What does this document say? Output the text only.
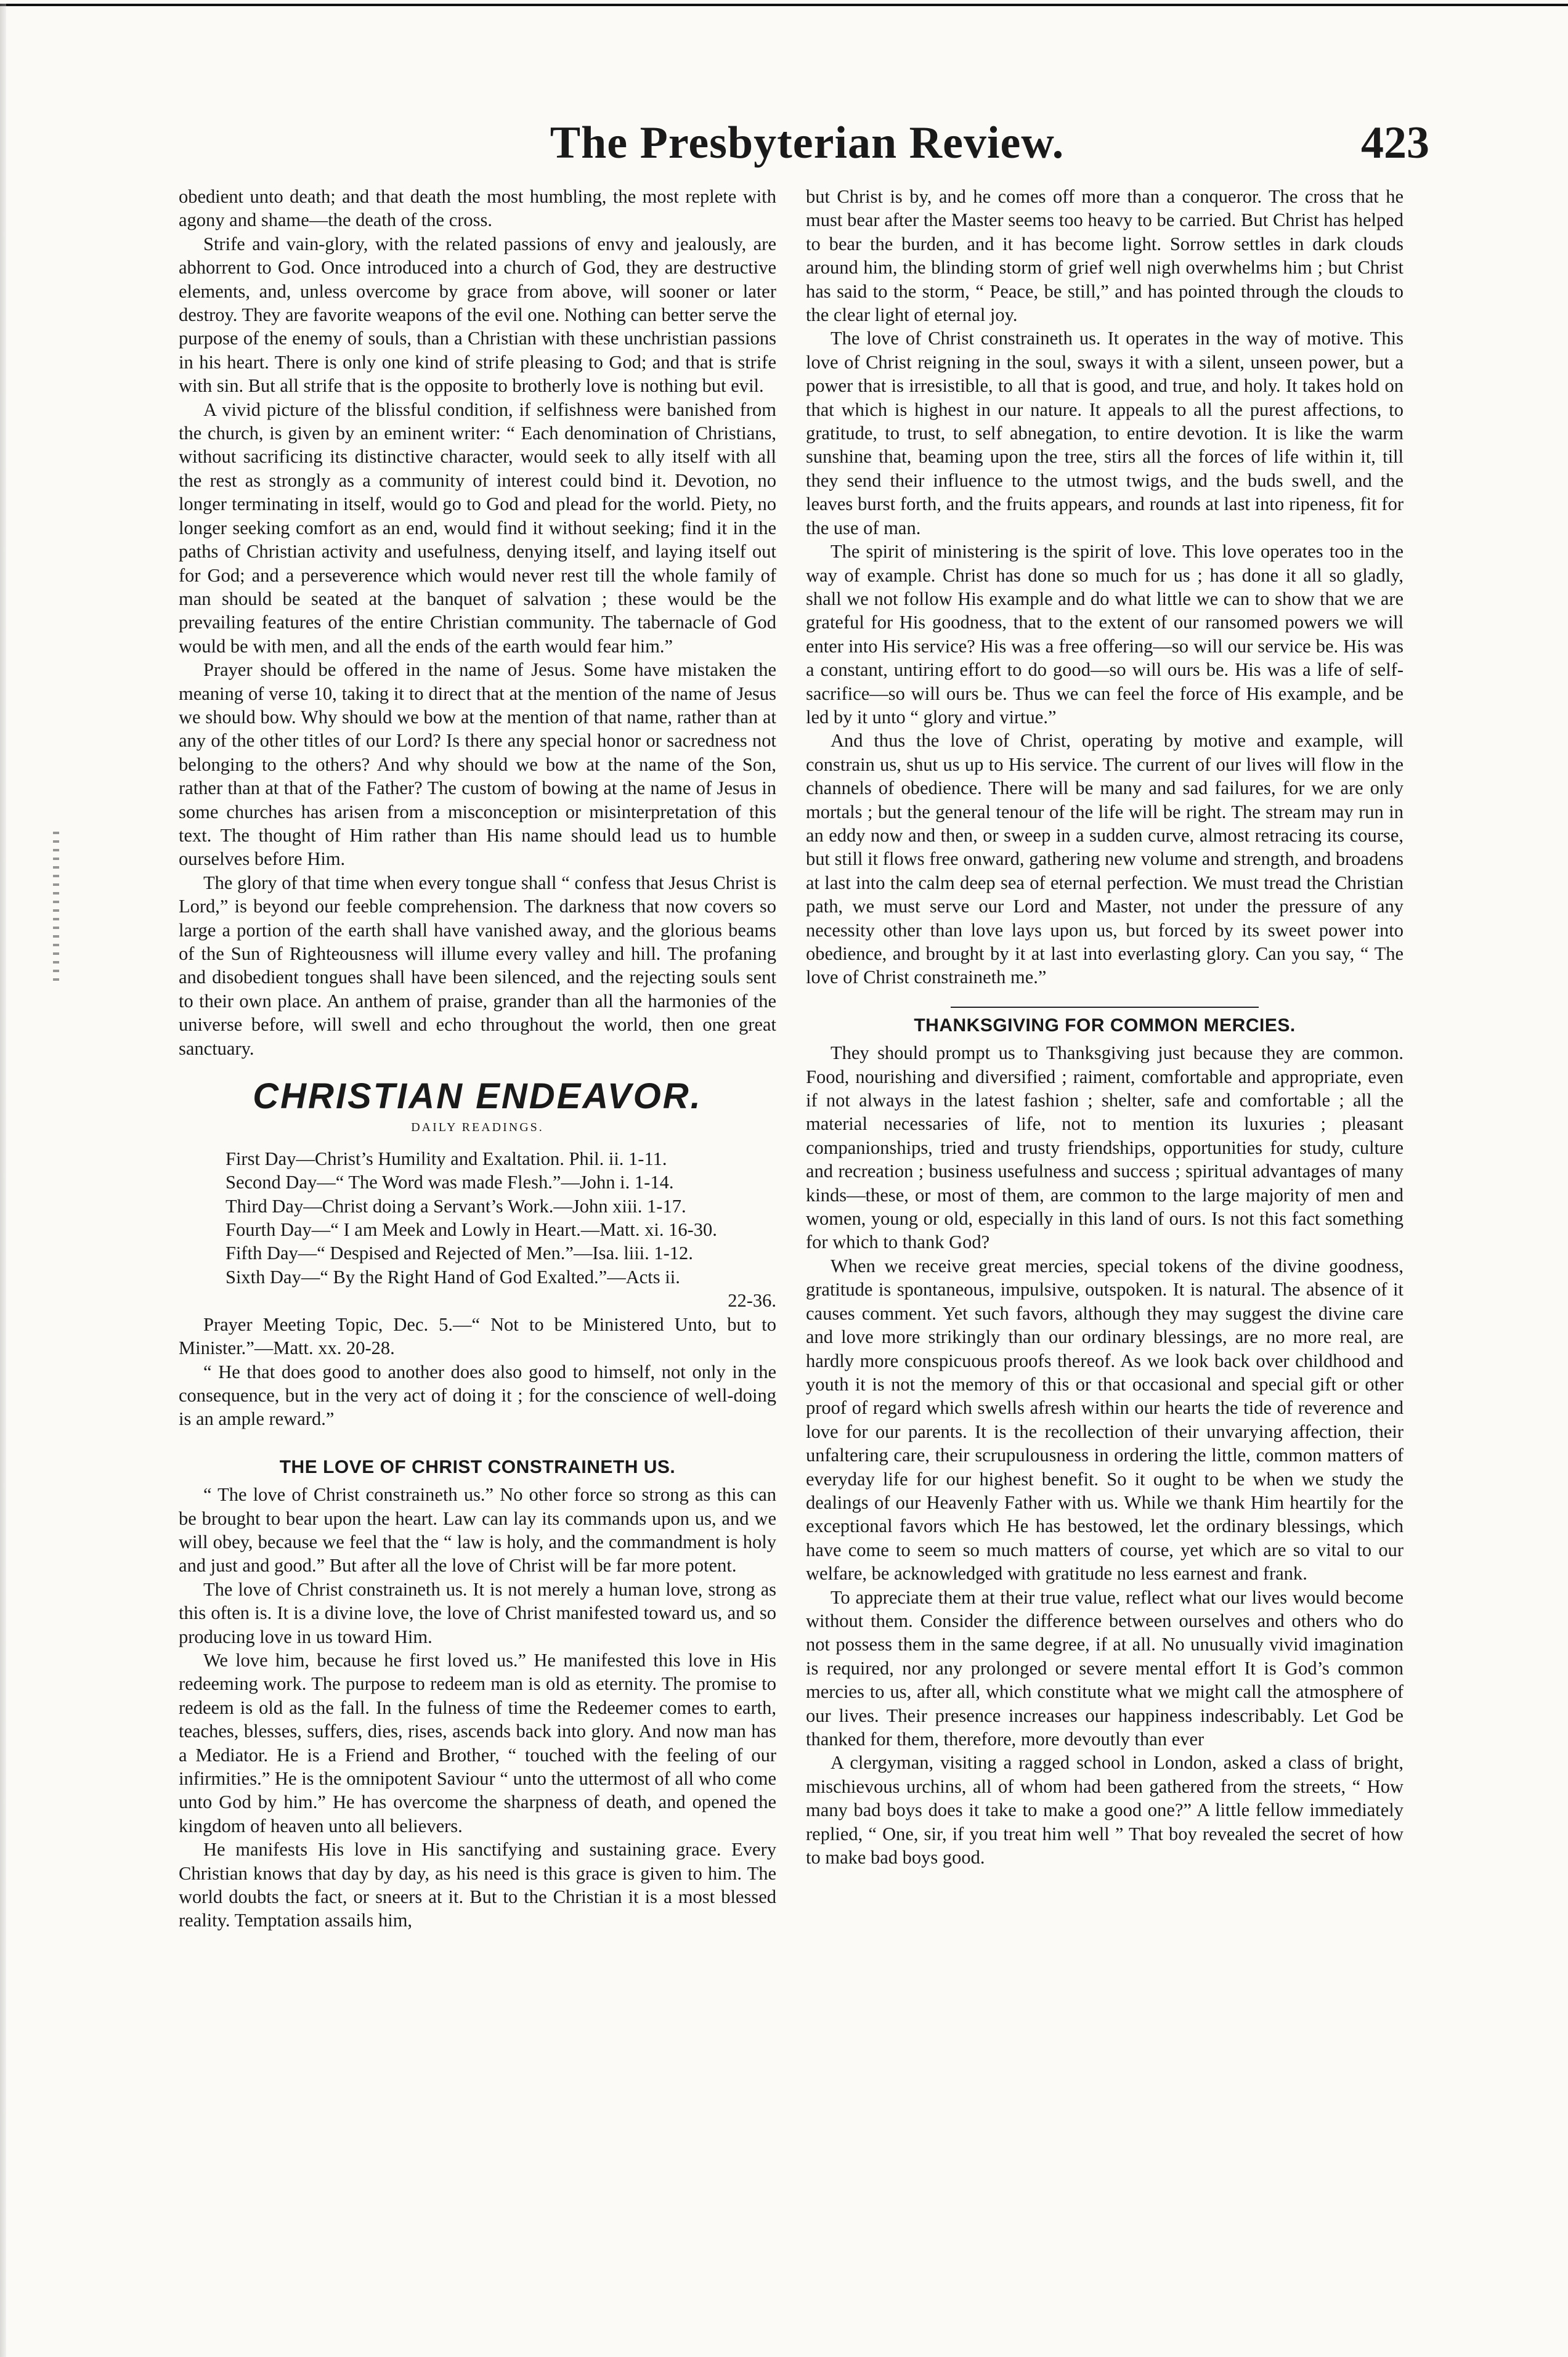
The Presbyterian Review.	423

obedient unto death; and that death the most humbling, the most replete with agony and shame—the death of the cross.

Strife and vain-glory, with the related passions of envy and jealously, are abhorrent to God. Once introduced into a church of God, they are destructive elements, and, unless overcome by grace from above, will sooner or later destroy. They are favorite weapons of the evil one. Nothing can better serve the purpose of the enemy of souls, than a Christian with these unchristian passions in his heart. There is only one kind of strife pleasing to God; and that is strife with sin. But all strife that is the opposite to brotherly love is nothing but evil.

A vivid picture of the blissful condition, if selfishness were banished from the church, is given by an eminent writer: “ Each denomination of Christians, without sacrificing its distinctive character, would seek to ally itself with all the rest as strongly as a community of interest could bind it. Devotion, no longer terminating in itself, would go to God and plead for the world. Piety, no longer seeking comfort as an end, would find it without seeking; find it in the paths of Christian activity and usefulness, denying itself, and laying itself out for God; and a perseverence which would never rest till the whole family of man should be seated at the banquet of salvation ; these would be the prevailing features of the entire Christian community. The tabernacle of God would be with men, and all the ends of the earth would fear him.”

Prayer should be offered in the name of Jesus. Some have mistaken the meaning of verse 10, taking it to direct that at the mention of the name of Jesus we should bow. Why should we bow at the mention of that name, rather than at any of the other titles of our Lord? Is there any special honor or sacredness not belonging to the others? And why should we bow at the name of the Son, rather than at that of the Father? The custom of bowing at the name of Jesus in some churches has arisen from a misconception or misinterpretation of this text. The thought of Him rather than His name should lead us to humble ourselves before Him.

The glory of that time when every tongue shall “ confess that Jesus Christ is Lord,” is beyond our feeble comprehension. The darkness that now covers so large a portion of the earth shall have vanished away, and the glorious beams of the Sun of Righteousness will illume every valley and hill. The profaning and disobedient tongues shall have been silenced, and the rejecting souls sent to their own place. An anthem of praise, grander than all the harmonies of the universe before, will swell and echo throughout the world, then one great sanctuary.

CHRISTIAN ENDEAVOR.
DAILY READINGS.

First Day—Christ’s Humility and Exaltation. Phil. ii. 1-11.

Second Day—“ The Word was made Flesh.”—John i. 1-14.

Third Day—Christ doing a Servant’s Work.—John xiii. 1-17.

Fourth Day—“ I am Meek and Lowly in Heart.—Matt. xi. 16-30.

Fifth Day—“ Despised and Rejected of Men.”—Isa. liii. 1-12.

Sixth Day—“ By the Right Hand of God Exalted.”—Acts ii.

22-36.

Prayer Meeting Topic, Dec. 5.—“ Not to be Ministered Unto, but to Minister.”—Matt. xx. 20-28.

“ He that does good to another does also good to himself, not only in the consequence, but in the very act of doing it ; for the conscience of well-doing is an ample reward.”

THE LOVE OF CHRIST CONSTRAINETH US.

“ The love of Christ constraineth us.” No other force so strong as this can be brought to bear upon the heart. Law can lay its commands upon us, and we will obey, because we feel that the “ law is holy, and the commandment is holy and just and good.” But after all the love of Christ will be far more potent.

The love of Christ constraineth us. It is not merely a human love, strong as this often is. It is a divine love, the love of Christ manifested toward us, and so producing love in us toward Him.

We love him, because he first loved us.” He manifested this love in His redeeming work. The purpose to redeem man is old as eternity. The promise to redeem is old as the fall. In the fulness of time the Redeemer comes to earth, teaches, blesses, suffers, dies, rises, ascends back into glory. And now man has a Mediator. He is a Friend and Brother, “ touched with the feeling of our infirmities.” He is the omnipotent Saviour “ unto the uttermost of all who come unto God by him.” He has overcome the sharpness of death, and opened the kingdom of heaven unto all believers.

He manifests His love in His sanctifying and sustaining grace. Every Christian knows that day by day, as his need is this grace is given to him. The world doubts the fact, or sneers at it. But to the Christian it is a most blessed reality. Temptation assails him,

but Christ is by, and he comes off more than a conqueror. The cross that he must bear after the Master seems too heavy to be carried. But Christ has helped to bear the burden, and it has become light. Sorrow settles in dark clouds around him, the blinding storm of grief well nigh overwhelms him ; but Christ has said to the storm, “ Peace, be still,” and has pointed through the clouds to the clear light of eternal joy.

The love of Christ constraineth us. It operates in the way of motive. This love of Christ reigning in the soul, sways it with a silent, unseen power, but a power that is irresistible, to all that is good, and true, and holy. It takes hold on that which is highest in our nature. It appeals to all the purest affections, to gratitude, to trust, to self abnegation, to entire devotion. It is like the warm sunshine that, beaming upon the tree, stirs all the forces of life within it, till they send their influence to the utmost twigs, and the buds swell, and the leaves burst forth, and the fruits appears, and rounds at last into ripeness, fit for the use of man.

The spirit of ministering is the spirit of love. This love operates too in the way of example. Christ has done so much for us ; has done it all so gladly, shall we not follow His example and do what little we can to show that we are grateful for His goodness, that to the extent of our ransomed powers we will enter into His service? His was a free offering—so will our service be. His was a constant, untiring effort to do good—so will ours be. His was a life of self-sacrifice—so will ours be. Thus we can feel the force of His example, and be led by it unto “ glory and virtue.”

And thus the love of Christ, operating by motive and example, will constrain us, shut us up to His service. The current of our lives will flow in the channels of obedience. There will be many and sad failures, for we are only mortals ; but the general tenour of the life will be right. The stream may run in an eddy now and then, or sweep in a sudden curve, almost retracing its course, but still it flows free onward, gathering new volume and strength, and broadens at last into the calm deep sea of eternal perfection. We must tread the Christian path, we must serve our Lord and Master, not under the pressure of any necessity other than love lays upon us, but forced by its sweet power into obedience, and brought by it at last into everlasting glory. Can you say, “ The love of Christ constraineth me.”

THANKSGIVING FOR COMMON MERCIES.

They should prompt us to Thanksgiving just because they are common. Food, nourishing and diversified ; raiment, comfortable and appropriate, even if not always in the latest fashion ; shelter, safe and comfortable ; all the material necessaries of life, not to mention its luxuries ; pleasant companionships, tried and trusty friendships, opportunities for study, culture and recreation ; business usefulness and success ; spiritual advantages of many kinds—these, or most of them, are common to the large majority of men and women, young or old, especially in this land of ours. Is not this fact something for which to thank God?

When we receive great mercies, special tokens of the divine goodness, gratitude is spontaneous, impulsive, outspoken. It is natural. The absence of it causes comment. Yet such favors, although they may suggest the divine care and love more strikingly than our ordinary blessings, are no more real, are hardly more conspicuous proofs thereof. As we look back over childhood and youth it is not the memory of this or that occasional and special gift or other proof of regard which swells afresh within our hearts the tide of reverence and love for our parents. It is the recollection of their unvarying affection, their unfaltering care, their scrupulousness in ordering the little, common matters of everyday life for our highest benefit. So it ought to be when we study the dealings of our Heavenly Father with us. While we thank Him heartily for the exceptional favors which He has bestowed, let the ordinary blessings, which have come to seem so much matters of course, yet which are so vital to our welfare, be acknowledged with gratitude no less earnest and frank.

To appreciate them at their true value, reflect what our lives would become without them. Consider the difference between ourselves and others who do not possess them in the same degree, if at all. No unusually vivid imagination is required, nor any prolonged or severe mental effort It is God’s common mercies to us, after all, which constitute what we might call the atmosphere of our lives. Their presence increases our happiness indescribably. Let God be thanked for them, therefore, more devoutly than ever

A clergyman, visiting a ragged school in London, asked a class of bright, mischievous urchins, all of whom had been gathered from the streets, “ How many bad boys does it take to make a good one?” A little fellow immediately replied, “ One, sir, if you treat him well ” That boy revealed the secret of how to make bad boys good.
